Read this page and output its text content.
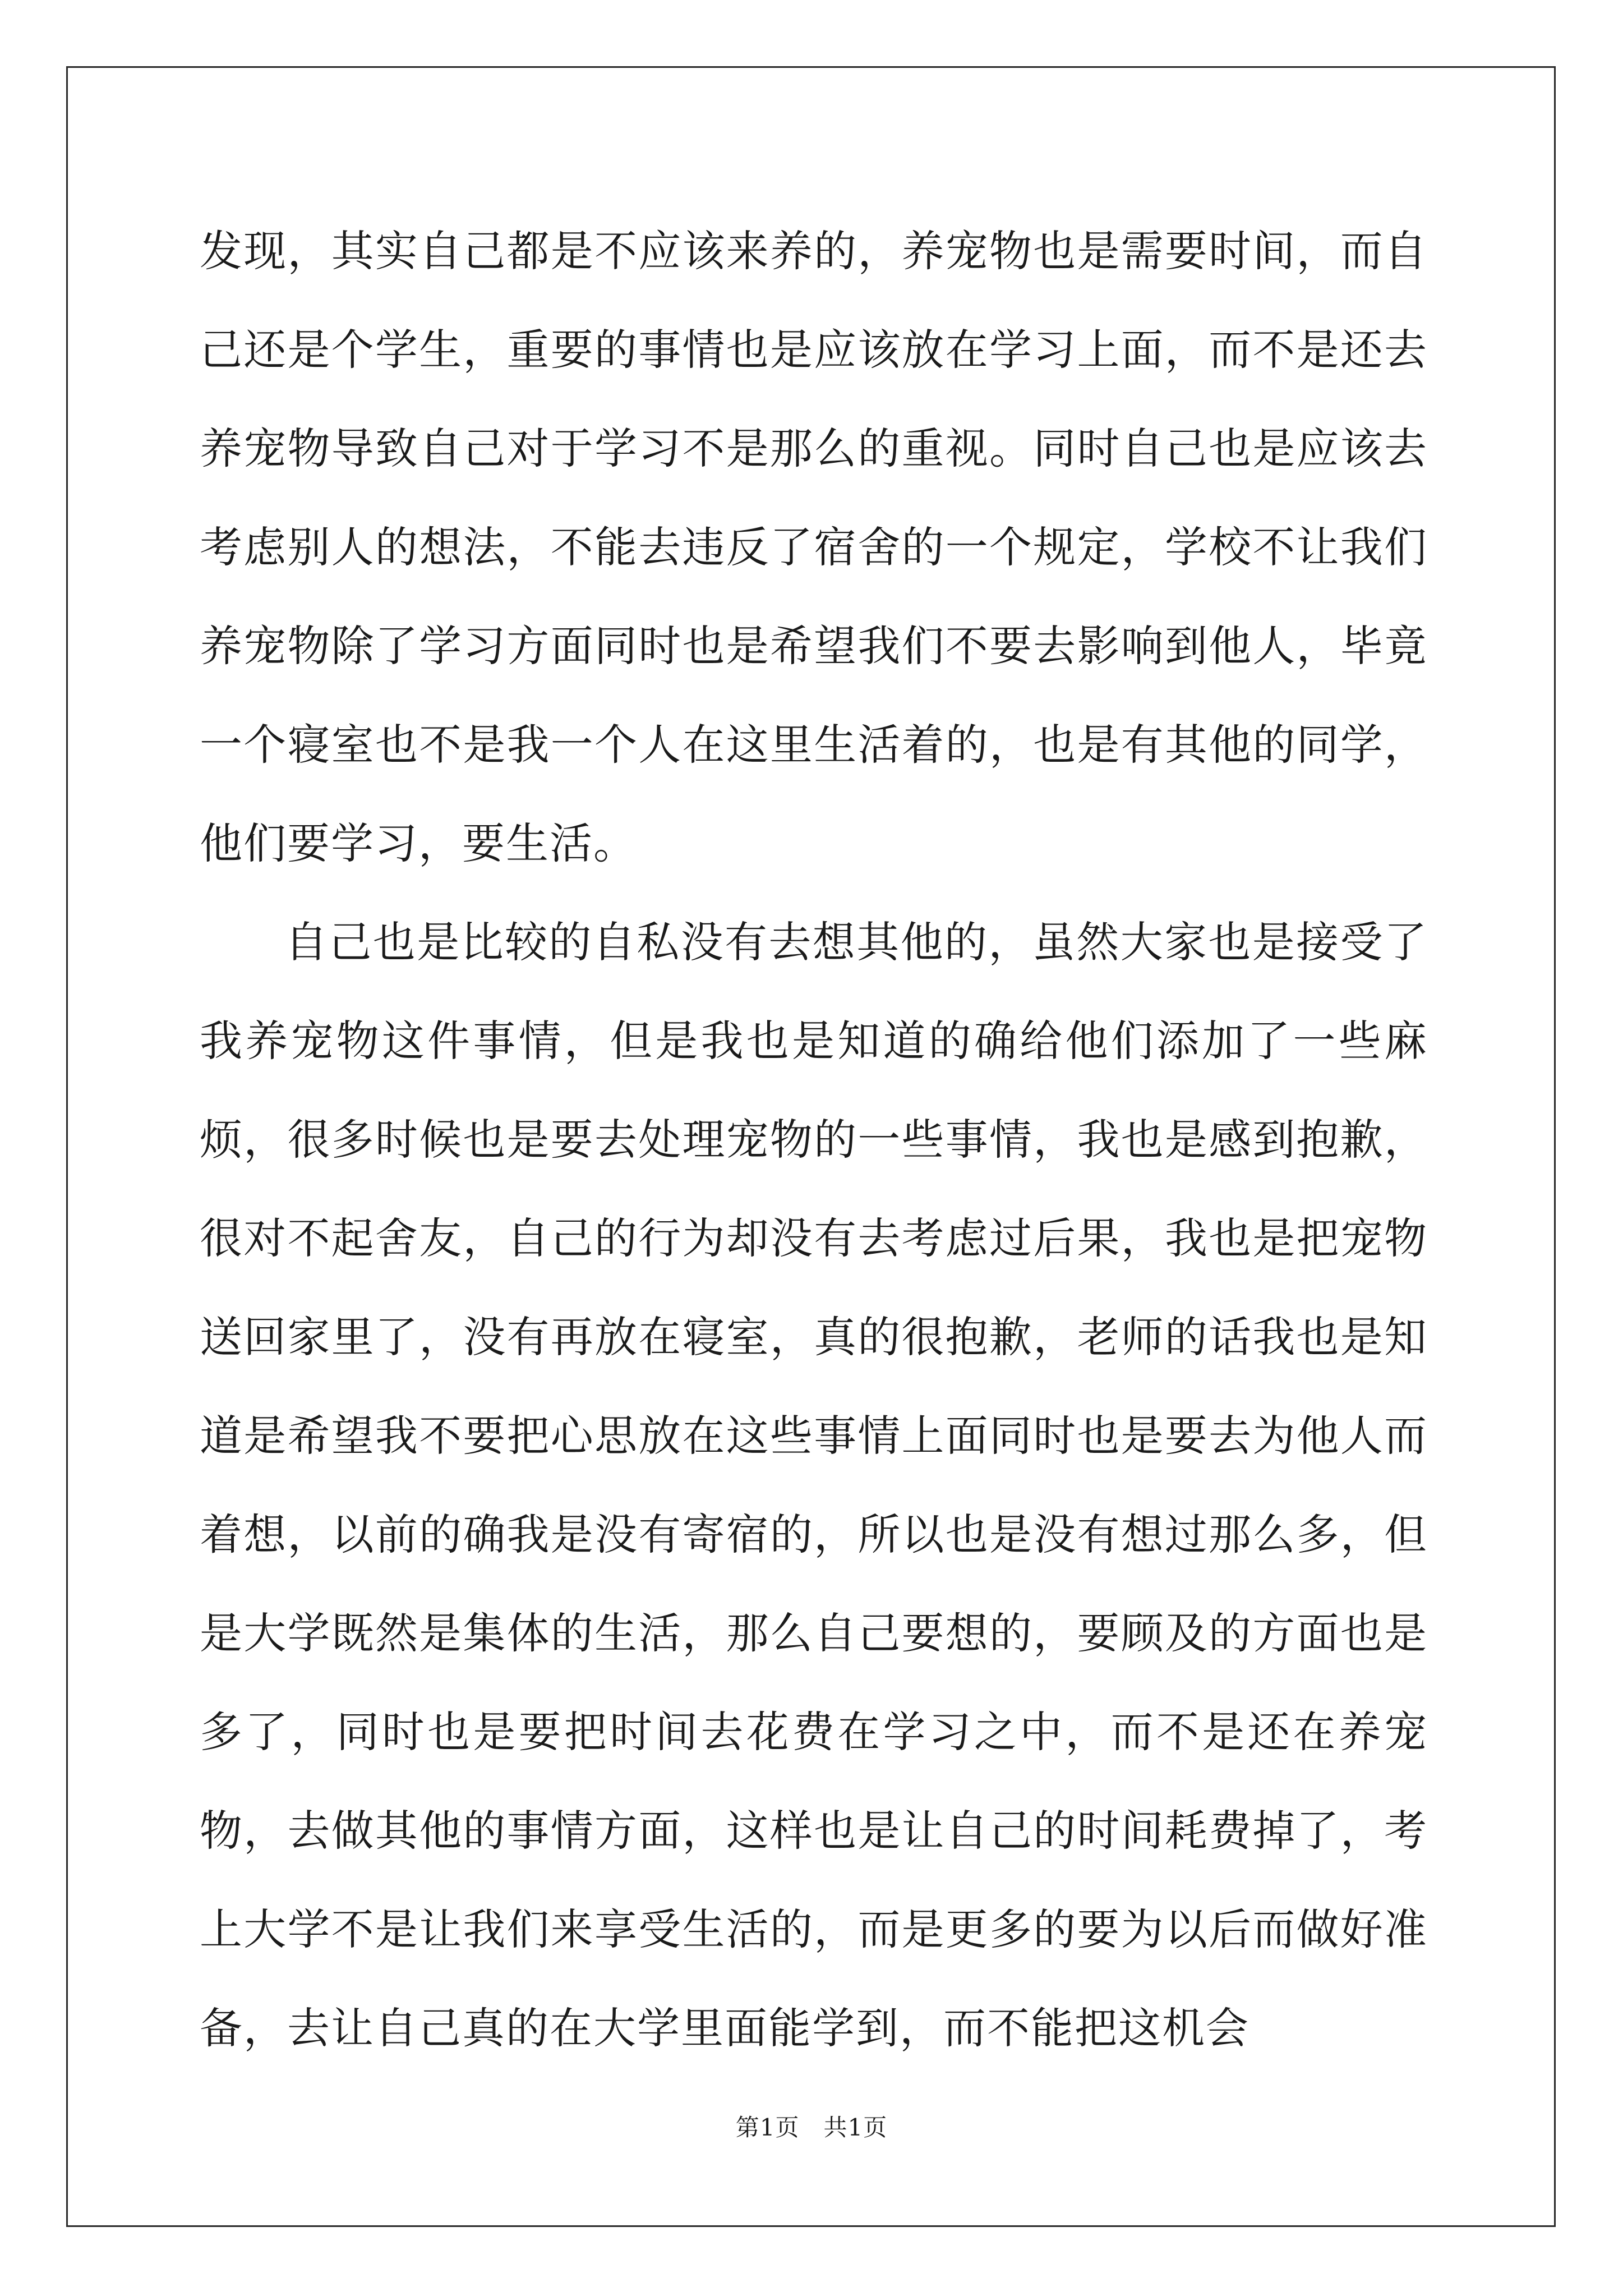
发现，其实自己都是不应该来养的，养宠物也是需要时间，而自己还是个学生，重要的事情也是应该放在学习上面，而不是还去养宠物导致自己对于学习不是那么的重视。同时自己也是应该去考虑别人的想法，不能去违反了宿舍的一个规定，学校不让我们养宠物除了学习方面同时也是希望我们不要去影响到他人，毕竟一个寝室也不是我一个人在这里生活着的，也是有其他的同学，他们要学习，要生活。

自己也是比较的自私没有去想其他的，虽然大家也是接受了我养宠物这件事情，但是我也是知道的确给他们添加了一些麻烦，很多时候也是要去处理宠物的一些事情，我也是感到抱歉，很对不起舍友，自己的行为却没有去考虑过后果，我也是把宠物送回家里了，没有再放在寝室，真的很抱歉，老师的话我也是知道是希望我不要把心思放在这些事情上面同时也是要去为他人而着想，以前的确我是没有寄宿的，所以也是没有想过那么多，但是大学既然是集体的生活，那么自己要想的，要顾及的方面也是多了，同时也是要把时间去花费在学习之中，而不是还在养宠物，去做其他的事情方面，这样也是让自己的时间耗费掉了，考上大学不是让我们来享受生活的，而是更多的要为以后而做好准备，去让自己真的在大学里面能学到，而不能把这机会

第1页　共1页
